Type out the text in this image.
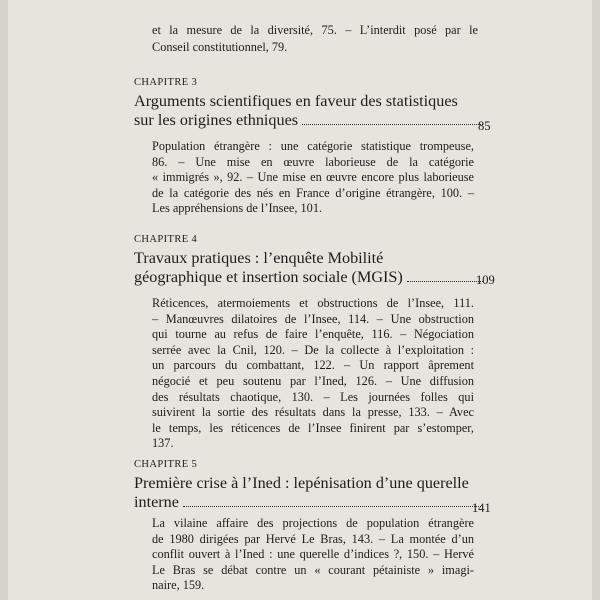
et la mesure de la diversité, 75. – L’interdit posé par le
Conseil constitutionnel, 79.
CHAPITRE 3
Arguments scientifiques en faveur des statistiques
sur les origines ethniques
Population étrangère : une catégorie statistique trompeuse,
86. – Une mise en œuvre laborieuse de la catégorie
« immigrés », 92. – Une mise en œuvre encore plus laborieuse
de la catégorie des nés en France d’origine étrangère, 100. –
Les appréhensions de l’Insee, 101.
85
CHAPITRE 4
Travaux pratiques : l’enquête Mobilité
géographique et insertion sociale (MGIS)
Réticences, atermoiements et obstructions de l’Insee, 111.
– Manœuvres dilatoires de l’Insee, 114. – Une obstruction
qui tourne au refus de faire l’enquête, 116. – Négociation
serrée avec la Cnil, 120. – De la collecte à l’exploitation :
un parcours du combattant, 122. – Un rapport âprement
négocié et peu soutenu par l’Ined, 126. – Une diffusion
des résultats chaotique, 130. – Les journées folles qui
suivirent la sortie des résultats dans la presse, 133. – Avec
le temps, les réticences de l’Insee finirent par s’estomper,
137.
109
CHAPITRE 5
Première crise à l’Ined : lepénisation d’une querelle
interne
La vilaine affaire des projections de population étrangère
de 1980 dirigées par Hervé Le Bras, 143. – La montée d’un
conflit ouvert à l’Ined : une querelle d’indices ?, 150. – Hervé
Le Bras se débat contre un « courant pétainiste » imagi-
naire, 159.
141
